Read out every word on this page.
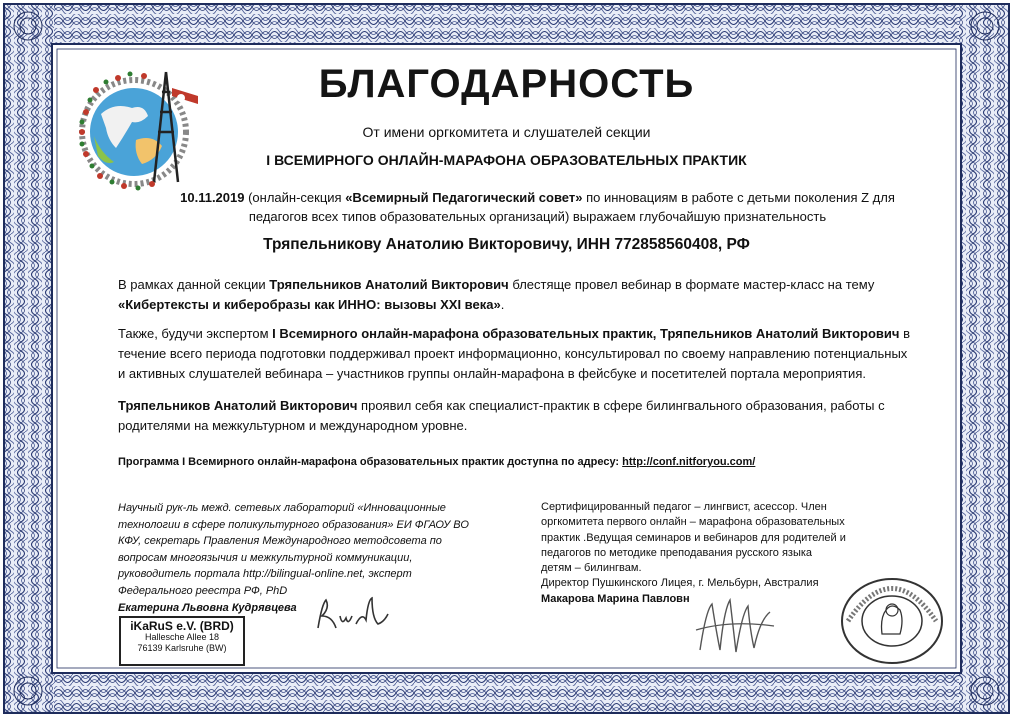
БЛАГОДАРНОСТЬ
От имени оргкомитета и слушателей секции
I ВСЕМИРНОГО ОНЛАЙН-МАРАФОНА ОБРАЗОВАТЕЛЬНЫХ ПРАКТИК
10.11.2019 (онлайн-секция «Всемирный Педагогический совет» по инновациям в работе с детьми поколения Z для педагогов всех типов образовательных организаций) выражаем глубочайшую признательность
Тряпельникову Анатолию Викторовичу, ИНН 772858560408, РФ
В рамках данной секции Тряпельников Анатолий Викторович блестяще провел вебинар в формате мастер-класс на тему «Кибертексты и киберобразы как ИННО: вызовы XXI века».
Также, будучи экспертом I Всемирного онлайн-марафона образовательных практик, Тряпельников Анатолий Викторович в течение всего периода подготовки поддерживал проект информационно, консультировал по своему направлению потенциальных и активных слушателей вебинара – участников группы онлайн-марафона в фейсбуке и посетителей портала мероприятия.
Тряпельников Анатолий Викторович проявил себя как специалист-практик в сфере билингвального образования, работы с родителями на межкультурном и международном уровне.
Программа I Всемирного онлайн-марафона образовательных практик доступна по адресу: http://conf.nitforyou.com/
Научный рук-ль межд. сетевых лабораторий «Инновационные
технологии в сфере поликультурного образования» ЕИ ФГАОУ ВО
КФУ, секретарь Правления Международного методсовета по
вопросам многоязычия и межкультурной коммуникации,
руководитель портала http://bilingual-online.net, эксперт
Федерального реестра РФ, PhD
Екатерина Львовна Кудрявцева
iKaRuS e.V. (BRD)
Hallesche Allee 18
76139 Karlsruhe (BW)
Сертифицированный педагог – лингвист, асессор. Член
оргкомитета первого онлайн – марафона образовательных
практик .Ведущая семинаров и вебинаров для родителей и
педагогов по методике преподавания русского языка
детям – билингвам.
Директор Пушкинского Лицея, г. Мельбурн, Австралия
Макарова Марина Павловн
